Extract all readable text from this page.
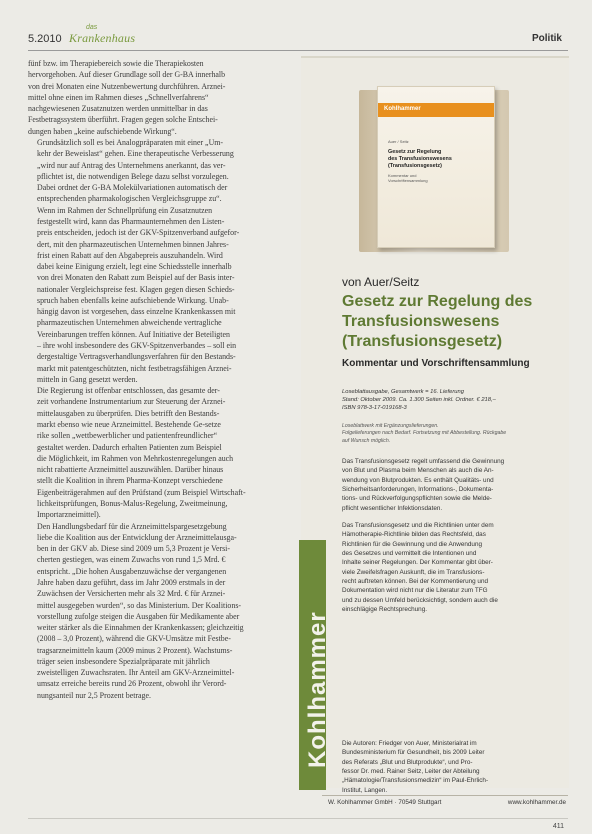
5.2010
das
Krankenhaus	Politik

fünf bzw. im Therapiebereich sowie die Therapiekosten
hervorgehoben. Auf dieser Grundlage soll der G-BA innerhalb
von drei Monaten eine Nutzenbewertung durchführen. Arznei-
mittel ohne einen im Rahmen dieses „Schnellverfahrens“
nachgewiesenen Zusatznutzen werden unmittelbar in das
Festbetragssystem überführt. Fragen gegen solche Entschei-
dungen haben „keine aufschiebende Wirkung“.

Grundsätzlich soll es bei Analogpräparaten mit einer „Um-
kehr der Beweislast“ gehen. Eine therapeutische Verbesserung
„wird nur auf Antrag des Unternehmens anerkannt, das ver-
pflichtet ist, die notwendigen Belege dazu selbst vorzulegen.
Dabei ordnet der G-BA Molekülvariationen automatisch der
entsprechenden pharmakologischen Vergleichsgruppe zu“.

Wenn im Rahmen der Schnellprüfung ein Zusatznutzen
festgestellt wird, kann das Pharmaunternehmen den Listen-
preis entscheiden, jedoch ist der GKV-Spitzenverband aufgefor-
dert, mit den pharmazeutischen Unternehmen binnen Jahres-
frist einen Rabatt auf den Abgabepreis auszuhandeln. Wird
dabei keine Einigung erzielt, legt eine Schiedsstelle innerhalb
von drei Monaten den Rabatt zum Beispiel auf der Basis inter-
nationaler Vergleichspreise fest. Klagen gegen diesen Schieds-
spruch haben ebenfalls keine aufschiebende Wirkung. Unab-
hängig davon ist vorgesehen, dass einzelne Krankenkassen mit
pharmazeutischen Unternehmen abweichende vertragliche
Vereinbarungen treffen können. Auf Initiative der Beteiligten
– ihre wohl insbesondere des GKV-Spitzenverbandes – soll ein
dergestaltige Vertragsverhandlungsverfahren für den Bestands-
markt mit patentgeschützten, nicht festbetragsfähigen Arznei-
mitteln in Gang gesetzt werden.

Die Regierung ist offenbar entschlossen, das gesamte der-
zeit vorhandene Instrumentarium zur Steuerung der Arznei-
mittelausgaben zu überprüfen. Dies betrifft den Bestands-
markt ebenso wie neue Arzneimittel. Bestehende Ge-setze
rike sollen „wettbewerblicher und patientenfreundlicher“
gestaltet werden. Dadurch erhalten Patienten zum Beispiel
die Möglichkeit, im Rahmen von Mehrkostenregelungen auch
nicht rabattierte Arzneimittel auszuwählen. Darüber hinaus
stellt die Koalition in ihrem Pharma-Konzept verschiedene
Eigenbeiträgerahmen auf den Prüfstand (zum Beispiel Wirtschaft-
lichkeitsprüfungen, Bonus-Malus-Regelung, Zweitmeinung,
Importarzneimittel).

Den Handlungsbedarf für die Arzneimittelspargesetzgebung
liebe die Koalition aus der Entwicklung der Arzneimittelausga-
ben in der GKV ab. Diese sind 2009 um 5,3 Prozent je Versi-
cherten gestiegen, was einem Zuwachs von rund 1,5 Mrd. €
entspricht. „Die hohen Ausgabenzuwächse der vergangenen
Jahre haben dazu geführt, dass im Jahr 2009 erstmals in der
Zuwächsen der Versicherten mehr als 32 Mrd. € für Arznei-
mittel ausgegeben wurden“, so das Ministerium. Der Koalitions-
vorstellung zufolge steigen die Ausgaben für Medikamente aber
weiter stärker als die Einnahmen der Krankenkassen; gleichzeitig
(2008 – 3,0 Prozent), während die GKV-Umsätze mit Festbe-
tragsarzneimitteln kaum (2009 minus 2 Prozent). Wachstums-
träger seien insbesondere Spezialpräparate mit jährlich
zweistelligen Zuwachsraten. Ihr Anteil am GKV-Arzneimittel-
umsatz erreiche bereits rund 26 Prozent, obwohl ihr Verord-
nungsanteil nur 2,5 Prozent betrage.

Kohlhammer
Auer / Seitz
Gesetz zur Regelung
des Transfusionswesens
(Transfusionsgesetz)
Kommentar und
Vorschriftensammlung
von Auer/Seitz
Gesetz zur Regelung des Transfusionswesens (Transfusionsgesetz)
Kommentar und Vorschriftensammlung
Loseblattausgabe, Gesamtwerk = 16. Lieferung
Stand: Oktober 2009. Ca. 1.300 Seiten inkl. Ordner. € 218,–
ISBN 978-3-17-019168-3
Loseblattwerk mit Ergänzungslieferungen.
Folgelieferungen nach Bedarf. Fortsetzung mit Abbestellung. Rückgabe
auf Wunsch möglich.

Das Transfusionsgesetz regelt umfassend die Gewinnung
von Blut und Plasma beim Menschen als auch die An-
wendung von Blutprodukten. Es enthält Qualitäts- und
Sicherheitsanforderungen, Informations-, Dokumenta-
tions- und Rückverfolgungspflichten sowie die Melde-
pflicht wesentlicher Infektionsdaten.

Das Transfusionsgesetz und die Richtlinien unter dem
Hämotherapie-Richtlinie bilden das Rechtsfeld, das
Richtlinien für die Gewinnung und die Anwendung
des Gesetzes und vermittelt die Intentionen und
Inhalte seiner Regelungen. Der Kommentar gibt über-
viele Zweifelsfragen Auskunft, die im Transfusions-
recht auftreten können. Bei der Kommentierung und
Dokumentation wird nicht nur die Literatur zum TFG
und zu dessen Umfeld berücksichtigt, sondern auch die
einschlägige Rechtsprechung.

Die Autoren: Friedger von Auer, Ministerialrat im
Bundesministerium für Gesundheit, bis 2009 Leiter
des Referats „Blut und Blutprodukte“, und Pro-
fessor Dr. med. Rainer Seitz, Leiter der Abteilung
„Hämatologie/Transfusionsmedizin“ im Paul-Ehrlich-
Institut, Langen.
Kohlhammer
W. Kohlhammer GmbH · 70549 Stuttgart	www.kohlhammer.de
411
